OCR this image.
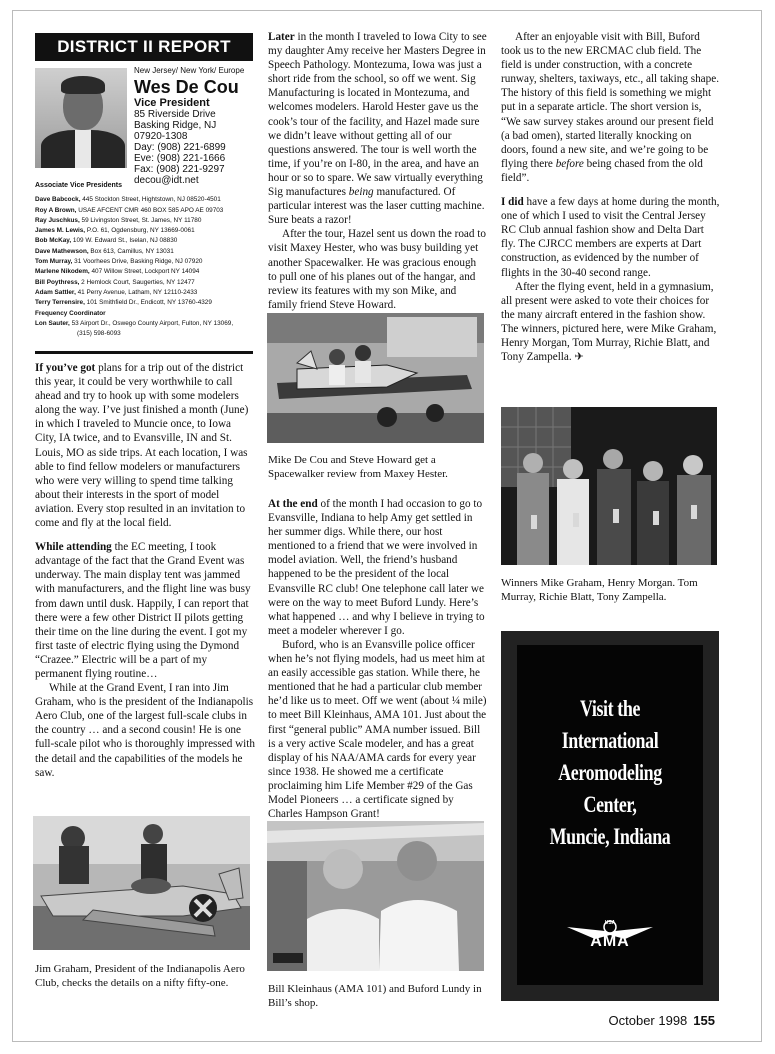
DISTRICT II REPORT
New Jersey/ New York/ Europe
Wes De Cou
Vice President
85 Riverside Drive
Basking Ridge, NJ
07920-1308
Day: (908) 221-6899
Eve: (908) 221-1666
Fax: (908) 221-9297
decou@idt.net
Associate Vice Presidents
Dave Babcock, 445 Stockton Street, Hightstown, NJ 08520-4501
Roy A Brown, USAE AFCENT CMR 460 BOX 585 APO AE 09703
Ray Juschkus, 59 Livingston Street, St. James, NY 11780
James M. Lewis, P.O. 61, Ogdensburg, NY 13669-0061
Bob McKay, 109 W. Edward St., Iselan, NJ 08830
Dave Mathewson, Box 613, Camillus, NY 13031
Tom Murray, 31 Voorhees Drive, Basking Ridge, NJ 07920
Marlene Nikodem, 407 Willow Street, Lockport NY 14094
Bill Poythress, 2 Hemlock Court, Saugerties, NY 12477
Adam Sattler, 41 Perry Avenue, Latham, NY 12110-2433
Terry Terrensire, 101 Smithfield Dr., Endicott, NY 13760-4329
Frequency Coordinator
Lon Sauter, 53 Airport Dr., Oswego County Airport, Fulton, NY 13069,
(315) 598-6093

If you’ve got plans for a trip out of the district this year, it could be very worthwhile to call ahead and try to hook up with some modelers along the way. I’ve just finished a month (June) in which I traveled to Muncie once, to Iowa City, IA twice, and to Evansville, IN and St. Louis, MO as side trips. At each location, I was able to find fellow modelers or manufacturers who were very willing to spend time talking about their interests in the sport of model aviation. Every stop resulted in an invitation to come and fly at the local field.

While attending the EC meeting, I took advantage of the fact that the Grand Event was underway. The main display tent was jammed with manufacturers, and the flight line was busy from dawn until dusk. Happily, I can report that there were a few other District II pilots getting their time on the line during the event. I got my first taste of electric flying using the Dymond “Crazee.” Electric will be a part of my permanent flying routine…

While at the Grand Event, I ran into Jim Graham, who is the president of the Indianapolis Aero Club, one of the largest full-scale clubs in the country … and a second cousin! He is one full-scale pilot who is thoroughly impressed with the detail and the capabilities of the models he saw.

Jim Graham, President of the Indianapolis Aero Club, checks the details on a nifty fifty-one.

Later in the month I traveled to Iowa City to see my daughter Amy receive her Masters Degree in Speech Pathology. Montezuma, Iowa was just a short ride from the school, so off we went. Sig Manufacturing is located in Montezuma, and welcomes modelers. Harold Hester gave us the cook’s tour of the facility, and Hazel made sure we didn’t leave without getting all of our questions answered. The tour is well worth the time, if you’re on I-80, in the area, and have an hour or so to spare. We saw virtually everything Sig manufactures being manufactured. Of particular interest was the laser cutting machine. Sure beats a razor!

After the tour, Hazel sent us down the road to visit Maxey Hester, who was busy building yet another Spacewalker. He was gracious enough to pull one of his planes out of the hangar, and review its features with my son Mike, and family friend Steve Howard.

Mike De Cou and Steve Howard get a Spacewalker review from Maxey Hester.

At the end of the month I had occasion to go to Evansville, Indiana to help Amy get settled in her summer digs. While there, our host mentioned to a friend that we were involved in model aviation. Well, the friend’s husband happened to be the president of the local Evansville RC club! One telephone call later we were on the way to meet Buford Lundy. Here’s what happened … and why I believe in trying to meet a modeler wherever I go.

Buford, who is an Evansville police officer when he’s not flying models, had us meet him at an easily accessible gas station. While there, he mentioned that he had a particular club member he’d like us to meet. Off we went (about ¼ mile) to meet Bill Kleinhaus, AMA 101. Just about the first “general public” AMA number issued. Bill is a very active Scale modeler, and has a great display of his NAA/AMA cards for every year since 1938. He showed me a certificate proclaiming him Life Member #29 of the Gas Model Pioneers … a certificate signed by Charles Hampson Grant!

Bill Kleinhaus (AMA 101) and Buford Lundy in Bill’s shop.

After an enjoyable visit with Bill, Buford took us to the new ERCMAC club field. The field is under construction, with a concrete runway, shelters, taxiways, etc., all taking shape. The history of this field is something we might put in a separate article. The short version is, “We saw survey stakes around our present field (a bad omen), started literally knocking on doors, found a new site, and we’re going to be flying there before being chased from the old field”.

I did have a few days at home during the month, one of which I used to visit the Central Jersey RC Club annual fashion show and Delta Dart fly. The CJRCC members are experts at Dart construction, as evidenced by the number of flights in the 30-40 second range.

After the flying event, held in a gymnasium, all present were asked to vote their choices for the many aircraft entered in the fashion show. The winners, pictured here, were Mike Graham, Henry Morgan, Tom Murray, Richie Blatt, and Tony Zampella. ✈

Winners Mike Graham, Henry Morgan. Tom Murray, Richie Blatt, Tony Zampella.
Visit the
International
Aeromodeling Center,
Muncie, Indiana
USA
AMA
October 1998 155
